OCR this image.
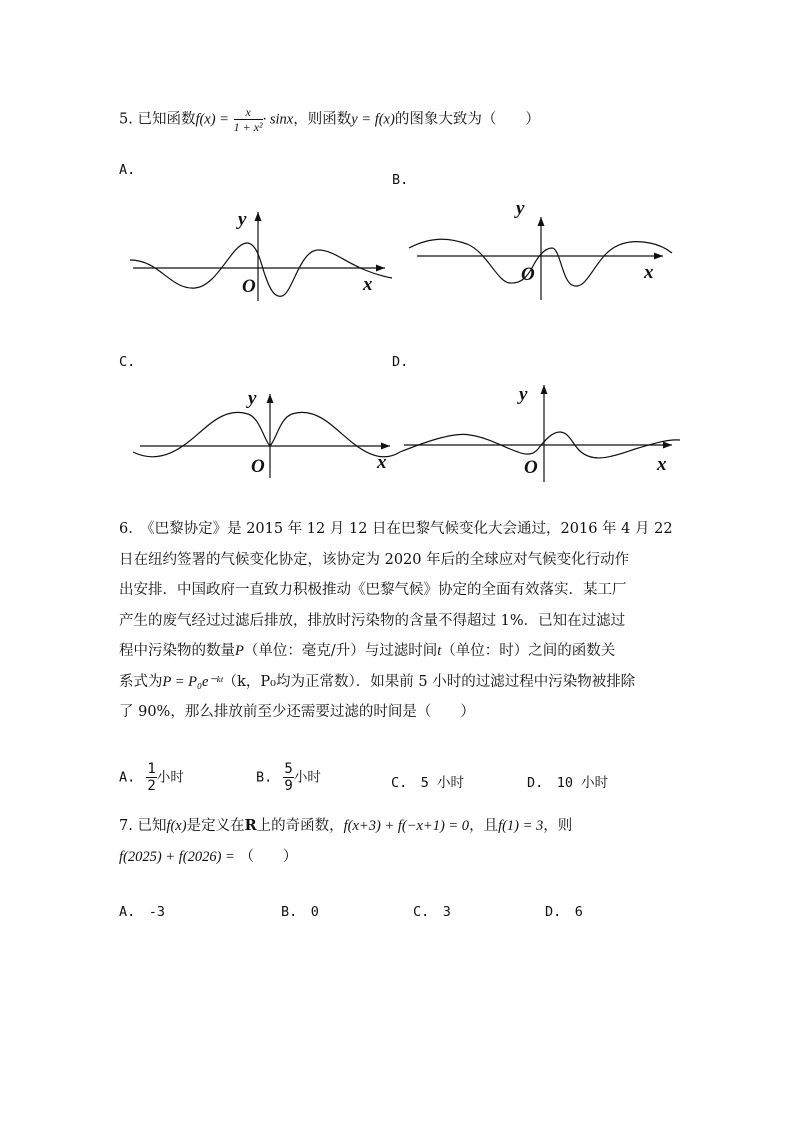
5. 已知函数$f(x) = \frac{x}{\text{1 + x²}} \cdot \sin x$，则函数y = f(x)的图象大致为（　　）
A.
B.
C.	D.
y
O	x
y
O	x
y
O	x
y
O	x
6.　《巴黎协定》是 2015 年 12 月 12 日在巴黎气候变化大会通过，2016 年 4 月 22
日在纽约签署的气候变化协定，该协定为 2020 年后的全球应对气候变化行动作
出安排．中国政府一直致力积极推动《巴黎气候》协定的全面有效落实．某工厂
产生的废气经过过滤后排放，排放时污染物的含量不得超过 1%．已知在过滤过
程中污染物的数量P（单位：毫克/升）与过滤时间t（单位：时）之间的函数关
系式为P = P₀e⁻ᵏᵗ（k，P₀均为正常数）．如果前 5 小时的过滤过程中污染物被排除
了 90%，那么排放前至少还需要过滤的时间是（　　）
A. $\frac{1}{2}$ 小时	B. $\frac{5}{9}$ 小时	C.　5 小时	D.　10 小时
7. 已知f(x)是定义在R上的奇函数，f(x+3) + f(−x+1) = 0，且f(1) = 3，则
f(2025) + f(2026) = （　　）
A.　-3	B.　0	C.　3	D.　6
